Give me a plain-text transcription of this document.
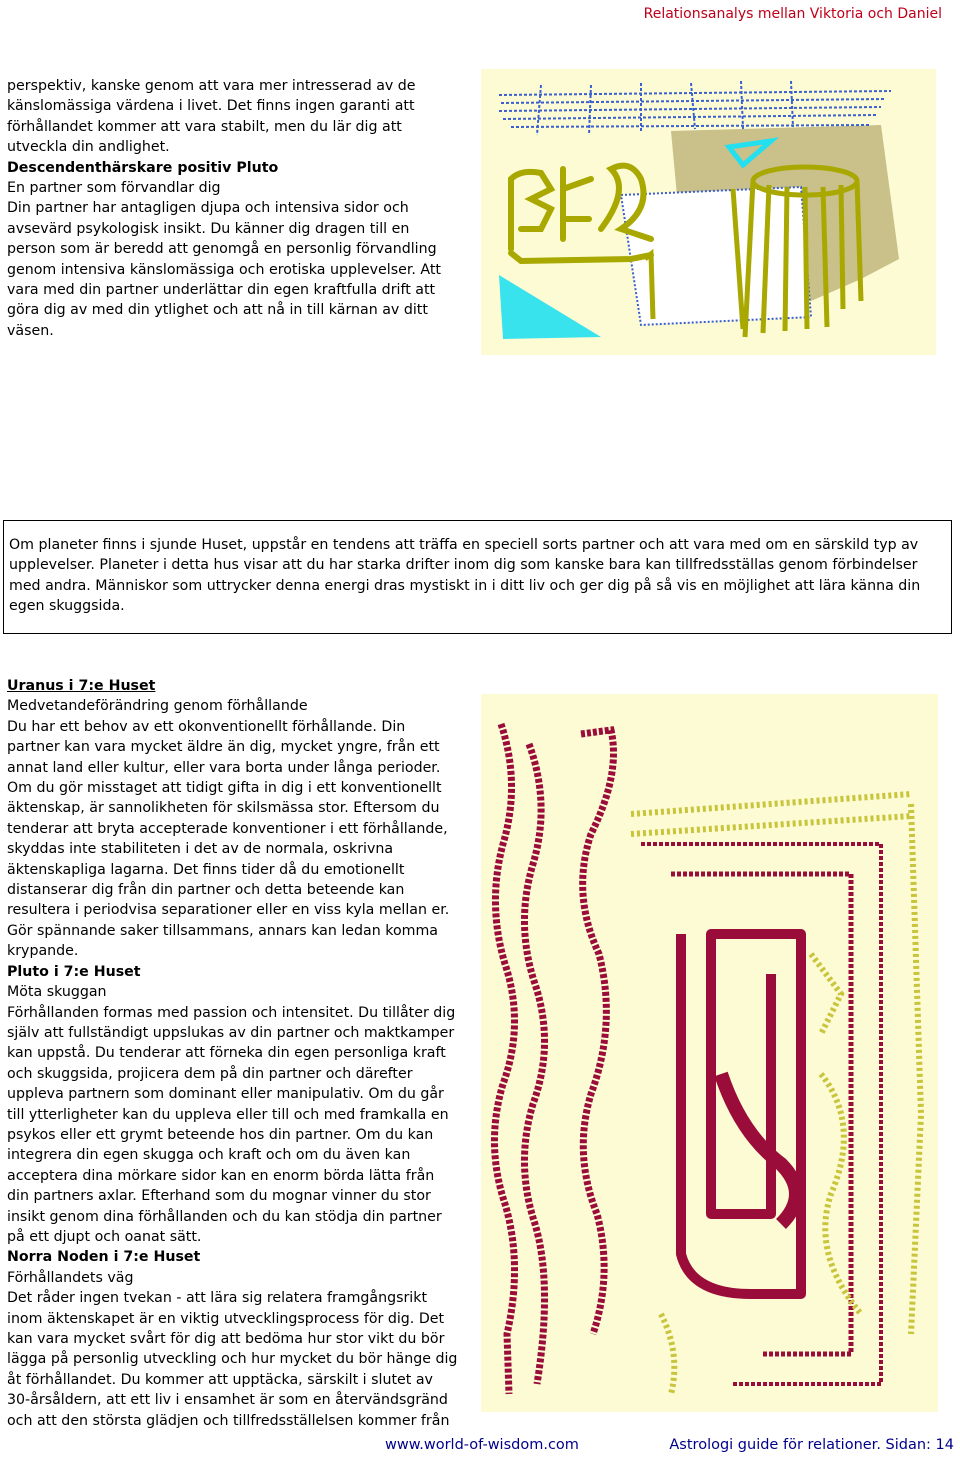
Relationsanalys mellan Viktoria och Daniel

perspektiv, kanske genom att vara mer intresserad av de känslomässiga värdena i livet. Det finns ingen garanti att förhållandet kommer att vara stabilt, men du lär dig att utveckla din andlighet.

Descendenthärskare positiv Pluto

En partner som förvandlar dig

Din partner har antagligen djupa och intensiva sidor och avsevärd psykologisk insikt. Du känner dig dragen till en person som är beredd att genomgå en personlig förvandling genom intensiva känslomässiga och erotiska upplevelser. Att vara med din partner underlättar din egen kraftfulla drift att göra dig av med din ytlighet och att nå in till kärnan av ditt väsen.

Om planeter finns i sjunde Huset, uppstår en tendens att träffa en speciell sorts partner och att vara med om en särskild typ av upplevelser. Planeter i detta hus visar att du har starka drifter inom dig som kanske bara kan tillfredsställas genom förbindelser med andra. Människor som uttrycker denna energi dras mystiskt in i ditt liv och ger dig på så vis en möjlighet att lära känna din egen skuggsida.

Uranus i 7:e Huset

Medvetandeförändring genom förhållande

Du har ett behov av ett okonventionellt förhållande. Din partner kan vara mycket äldre än dig, mycket yngre, från ett annat land eller kultur, eller vara borta under långa perioder. Om du gör misstaget att tidigt gifta in dig i ett konventionellt äktenskap, är sannolikheten för skilsmässa stor. Eftersom du tenderar att bryta accepterade konventioner i ett förhållande, skyddas inte stabiliteten i det av de normala, oskrivna äktenskapliga lagarna. Det finns tider då du emotionellt distanserar dig från din partner och detta beteende kan resultera i periodvisa separationer eller en viss kyla mellan er. Gör spännande saker tillsammans, annars kan ledan komma krypande.

Pluto i 7:e Huset

Möta skuggan

Förhållanden formas med passion och intensitet. Du tillåter dig själv att fullständigt uppslukas av din partner och maktkamper kan uppstå. Du tenderar att förneka din egen personliga kraft och skuggsida, projicera dem på din partner och därefter uppleva partnern som dominant eller manipulativ. Om du går till ytterligheter kan du uppleva eller till och med framkalla en psykos eller ett grymt beteende hos din partner. Om du kan integrera din egen skugga och kraft och om du även kan acceptera dina mörkare sidor kan en enorm börda lätta från din partners axlar. Efterhand som du mognar vinner du stor insikt genom dina förhållanden och du kan stödja din partner på ett djupt och oanat sätt.

Norra Noden i 7:e Huset

Förhållandets väg

Det råder ingen tvekan - att lära sig relatera framgångsrikt inom äktenskapet är en viktig utvecklingsprocess för dig. Det kan vara mycket svårt för dig att bedöma hur stor vikt du bör lägga på personlig utveckling och hur mycket du bör hänge dig åt förhållandet. Du kommer att upptäcka, särskilt i slutet av 30-årsåldern, att ett liv i ensamhet är som en återvändsgränd och att den största glädjen och tillfredsställelsen kommer från

www.world-of-wisdom.com	Astrologi guide för relationer. Sidan: 14
